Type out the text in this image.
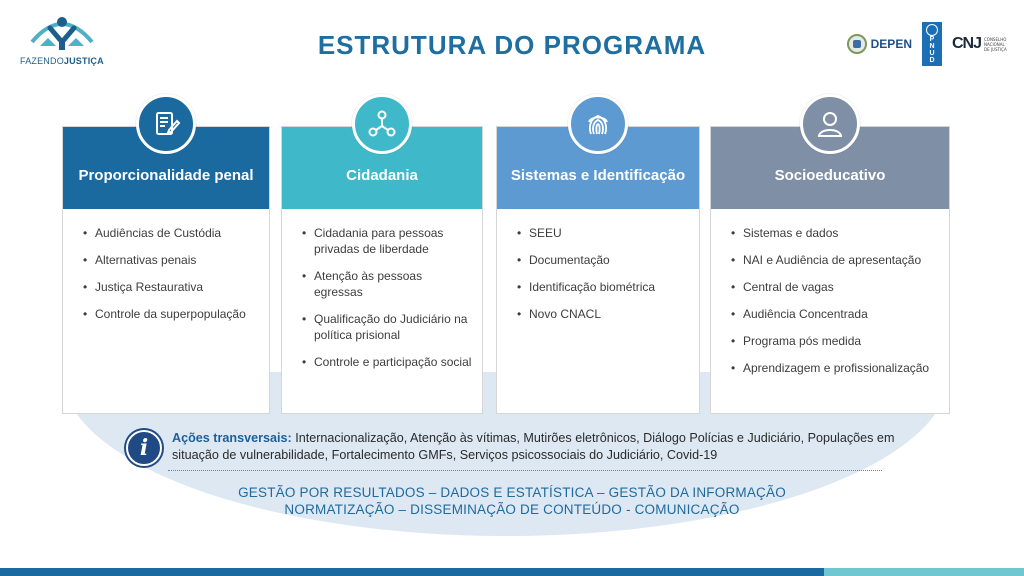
FAZENDOJUSTIÇA
ESTRUTURA DO PROGRAMA	DEPEN	P
N
U
D
CNJ CONSELHO NACIONAL DE JUSTIÇA
Proporcionalidade penal
• Audiências de Custódia
• Alternativas penais
• Justiça Restaurativa
• Controle da superpopulação
Cidadania
• Cidadania para pessoas privadas de liberdade
• Atenção às pessoas egressas
• Qualificação do Judiciário na política prisional
• Controle e participação social
Sistemas e Identificação
• SEEU
• Documentação
• Identificação biométrica
• Novo CNACL
Socioeducativo
• Sistemas e dados
• NAI e Audiência de apresentação
• Central de vagas
• Audiência Concentrada
• Programa pós medida
• Aprendizagem e profissionalização
i	Ações transversais: Internacionalização, Atenção às vítimas, Mutirões eletrônicos, Diálogo Polícias e Judiciário, Populações em situação de vulnerabilidade, Fortalecimento GMFs, Serviços psicossociais do Judiciário, Covid-19
GESTÃO POR RESULTADOS – DADOS E ESTATÍSTICA – GESTÃO DA INFORMAÇÃO
NORMATIZAÇÃO – DISSEMINAÇÃO DE CONTEÚDO - COMUNICAÇÃO
